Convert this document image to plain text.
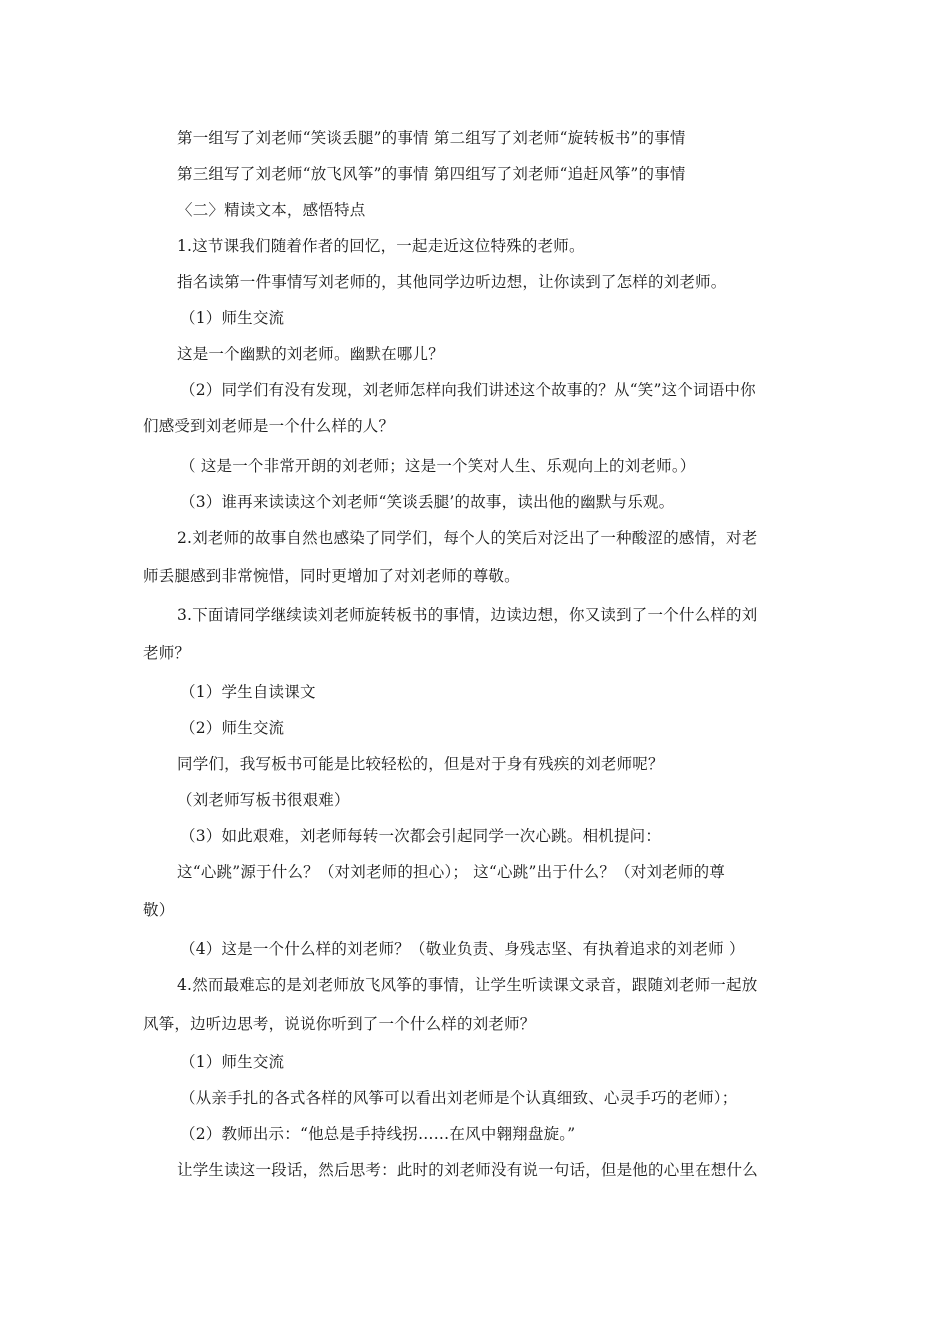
第一组写了刘老师“笑谈丢腿”的事情 第二组写了刘老师“旋转板书”的事情
第三组写了刘老师“放飞风筝”的事情 第四组写了刘老师“追赶风筝”的事情
〈二〉精读文本，感悟特点
1.这节课我们随着作者的回忆，一起走近这位特殊的老师。
指名读第一件事情写刘老师的，其他同学边听边想，让你读到了怎样的刘老师。
（1）师生交流
这是一个幽默的刘老师。幽默在哪儿？
（2）同学们有没有发现，刘老师怎样向我们讲述这个故事的？从“笑”这个词语中你
们感受到刘老师是一个什么样的人？
（ 这是一个非常开朗的刘老师；这是一个笑对人生、乐观向上的刘老师。）
（3）谁再来读读这个刘老师“笑谈丢腿’的故事，读出他的幽默与乐观。
2.刘老师的故事自然也感染了同学们，每个人的笑后对泛出了一种酸涩的感情，对老
师丢腿感到非常惋惜，同时更增加了对刘老师的尊敬。
3.下面请同学继续读刘老师旋转板书的事情，边读边想，你又读到了一个什么样的刘
老师？
（1）学生自读课文
（2）师生交流
同学们，我写板书可能是比较轻松的，但是对于身有残疾的刘老师呢？
（刘老师写板书很艰难）
（3）如此艰难，刘老师每转一次都会引起同学一次心跳。相机提问：
这“心跳”源于什么？（对刘老师的担心）； 这“心跳”出于什么？（对刘老师的尊
敬）
（4）这是一个什么样的刘老师？（敬业负责、身残志坚、有执着追求的刘老师 ）
4.然而最难忘的是刘老师放飞风筝的事情，让学生听读课文录音，跟随刘老师一起放
风筝，边听边思考，说说你听到了一个什么样的刘老师？
（1）师生交流
（从亲手扎的各式各样的风筝可以看出刘老师是个认真细致、心灵手巧的老师）；
（2）教师出示：“他总是手持线拐……在风中翱翔盘旋。”
让学生读这一段话，然后思考：此时的刘老师没有说一句话，但是他的心里在想什么
